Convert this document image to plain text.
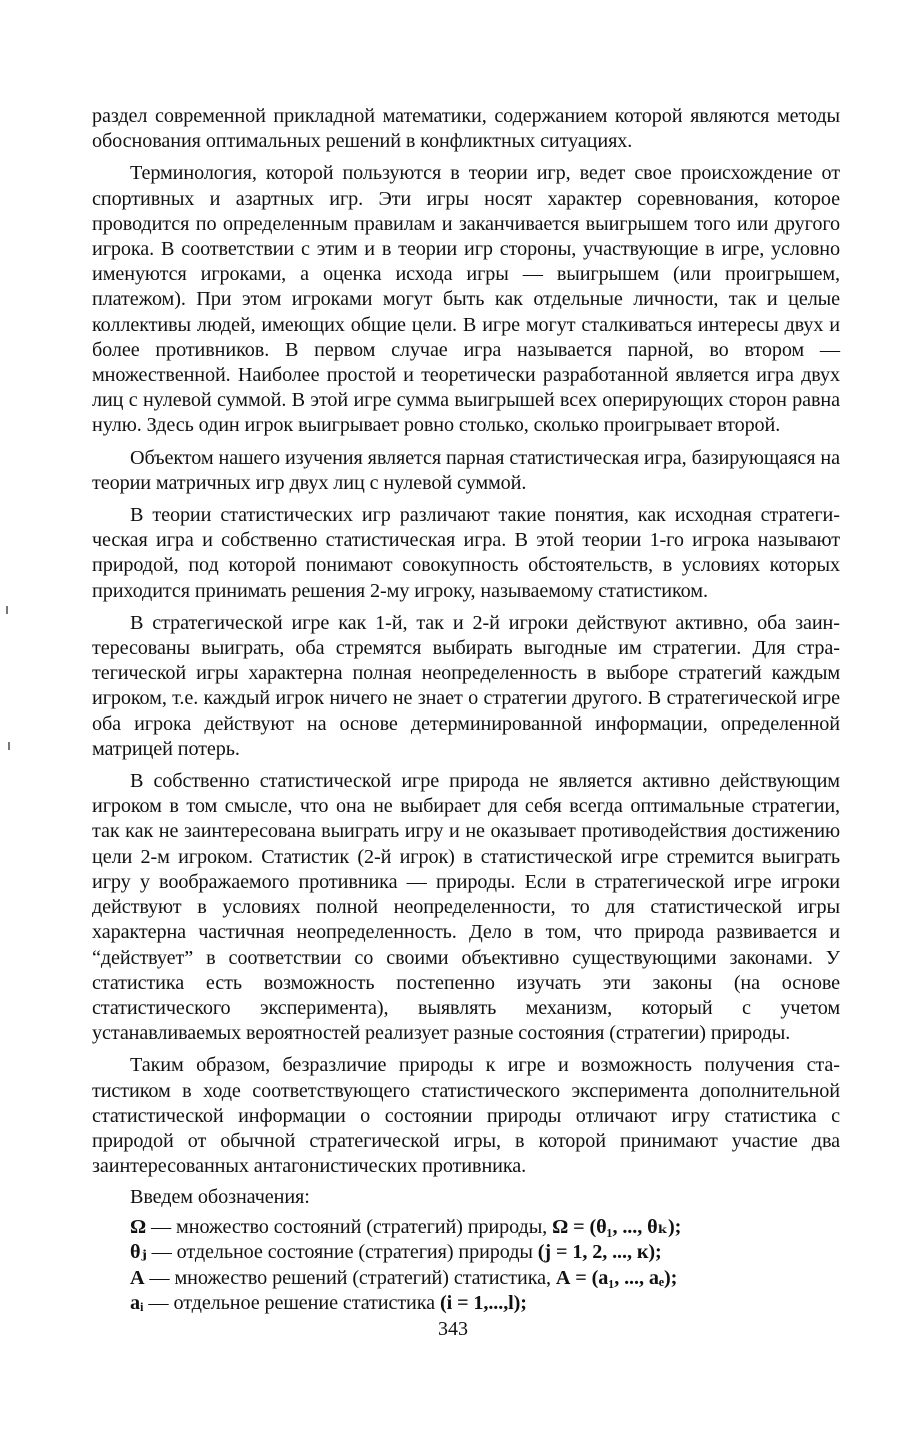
раздел современной прикладной математики, содержанием которой являются методы обоснования оптимальных решений в конфликтных ситуациях.

Терминология, которой пользуются в теории игр, ведет свое происхождение от спортивных и азартных игр. Эти игры носят характер соревнования, которое проводится по определенным правилам и заканчивается выигрышем того или другого игрока. В соответствии с этим и в теории игр стороны, участвующие в игре, условно именуются игроками, а оценка исхода игры — выигрышем (или проигрышем, платежом). При этом игроками могут быть как отдельные личности, так и целые коллективы людей, имеющих общие цели. В игре могут сталкиваться интересы двух и более противников. В первом случае игра называется парной, во втором — множественной. Наиболее простой и теоретически разработанной является игра двух лиц с нулевой суммой. В этой игре сумма выигрышей всех оперирующих сторон равна нулю. Здесь один игрок выигрывает ровно столько, сколько проигрывает второй.

Объектом нашего изучения является парная статистическая игра, базирующаяся на теории матричных игр двух лиц с нулевой суммой.

В теории статистических игр различают такие понятия, как исходная стратегическая игра и собственно статистическая игра. В этой теории 1-го игрока называют природой, под которой понимают совокупность обстоятельств, в условиях которых приходится принимать решения 2-му игроку, называемому статистиком.

В стратегической игре как 1-й, так и 2-й игроки действуют активно, оба заинтересованы выиграть, оба стремятся выбирать выгодные им стратегии. Для стратегической игры характерна полная неопределенность в выборе стратегий каждым игроком, т.е. каждый игрок ничего не знает о стратегии другого. В стратегической игре оба игрока действуют на основе детерминированной информации, определенной матрицей потерь.

В собственно статистической игре природа не является активно действующим игроком в том смысле, что она не выбирает для себя всегда оптимальные стратегии, так как не заинтересована выиграть игру и не оказывает противодействия достижению цели 2-м игроком. Статистик (2-й игрок) в статистической игре стремится выиграть игру у воображаемого противника — природы. Если в стратегической игре игроки действуют в условиях полной неопределенности, то для статистической игры характерна частичная неопределенность. Дело в том, что природа развивается и “действует” в соответствии со своими объективно существующими законами. У статистика есть возможность постепенно изучать эти законы (на основе статистического эксперимента), выявлять механизм, который с учетом устанавливаемых вероятностей реализует разные состояния (стратегии) природы.

Таким образом, безразличие природы к игре и возможность получения статистиком в ходе соответствующего статистического эксперимента дополнительной статистической информации о состоянии природы отличают игру статистика с природой от обычной стратегической игры, в которой принимают участие два заинтересованных антагонистических противника.

Введем обозначения:

Ω — множество состояний (стратегий) природы, Ω = (θ₁, ..., θₖ);
θⱼ — отдельное состояние (стратегия) природы (j = 1, 2, ..., к);
А — множество решений (стратегий) статистика, А = (a₁, ..., aₑ);
aᵢ — отдельное решение статистика (i = 1,...,l);
343
